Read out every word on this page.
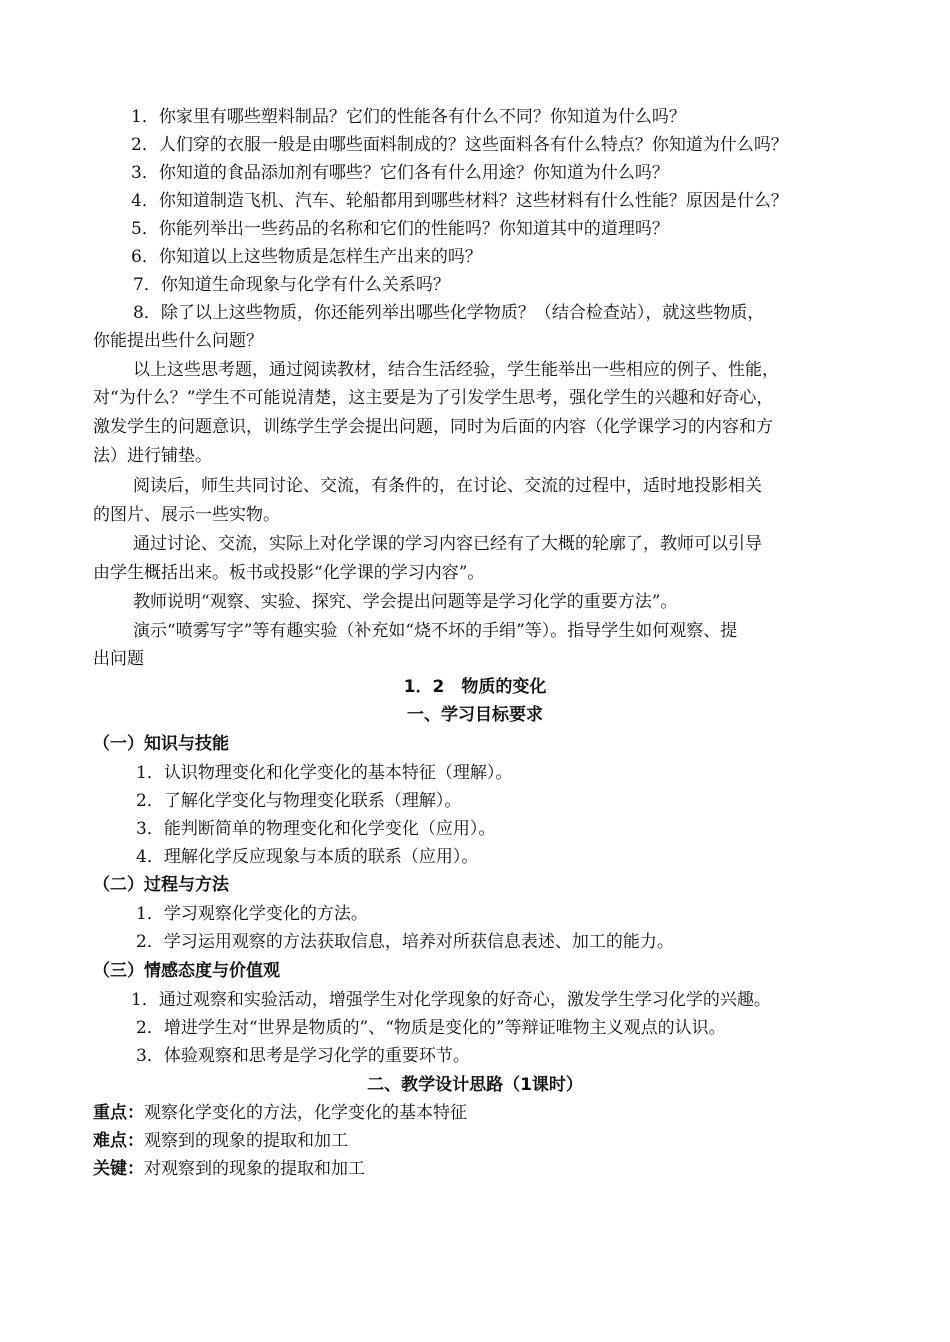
1．你家里有哪些塑料制品？它们的性能各有什么不同？你知道为什么吗？
2．人们穿的衣服一般是由哪些面料制成的？这些面料各有什么特点？你知道为什么吗？
3．你知道的食品添加剂有哪些？它们各有什么用途？你知道为什么吗？
4．你知道制造飞机、汽车、轮船都用到哪些材料？这些材料有什么性能？原因是什么？
5．你能列举出一些药品的名称和它们的性能吗？你知道其中的道理吗？
6．你知道以上这些物质是怎样生产出来的吗？
7．你知道生命现象与化学有什么关系吗？
8．除了以上这些物质，你还能列举出哪些化学物质？（结合检查站），就这些物质，
你能提出些什么问题？
以上这些思考题，通过阅读教材，结合生活经验，学生能举出一些相应的例子、性能，
对“为什么？”学生不可能说清楚，这主要是为了引发学生思考，强化学生的兴趣和好奇心，
激发学生的问题意识，训练学生学会提出问题，同时为后面的内容（化学课学习的内容和方
法）进行铺垫。
阅读后，师生共同讨论、交流，有条件的，在讨论、交流的过程中，适时地投影相关
的图片、展示一些实物。
通过讨论、交流，实际上对化学课的学习内容已经有了大概的轮廓了，教师可以引导
由学生概括出来。板书或投影“化学课的学习内容”。
教师说明“观察、实验、探究、学会提出问题等是学习化学的重要方法”。
演示“喷雾写字”等有趣实验（补充如“烧不坏的手绢”等）。指导学生如何观察、提
出问题
1．2　物质的变化
一、学习目标要求
（一）知识与技能
1．认识物理变化和化学变化的基本特征（理解）。
2．了解化学变化与物理变化联系（理解）。
3．能判断简单的物理变化和化学变化（应用）。
4．理解化学反应现象与本质的联系（应用）。
（二）过程与方法
1．学习观察化学变化的方法。
2．学习运用观察的方法获取信息，培养对所获信息表述、加工的能力。
（三）情感态度与价值观
1．通过观察和实验活动，增强学生对化学现象的好奇心，激发学生学习化学的兴趣。
2．增进学生对“世界是物质的”、“物质是变化的”等辩证唯物主义观点的认识。
3．体验观察和思考是学习化学的重要环节。
二、教学设计思路（1课时）
重点：观察化学变化的方法，化学变化的基本特征
难点：观察到的现象的提取和加工
关键：对观察到的现象的提取和加工
